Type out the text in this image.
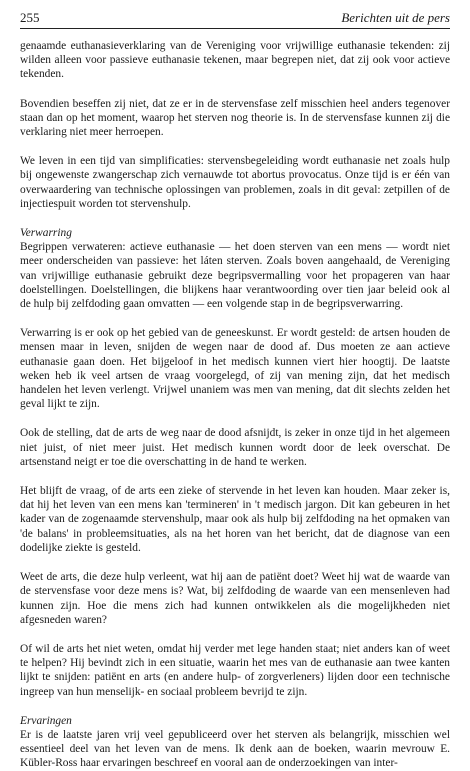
255	Berichten uit de pers

genaamde euthanasieverklaring van de Vereniging voor vrijwillige euthanasie tekenden: zij wilden alleen voor passieve euthanasie tekenen, maar begrepen niet, dat zij ook voor actieve tekenden.

Bovendien beseffen zij niet, dat ze er in de stervensfase zelf misschien heel anders tegenover staan dan op het moment, waarop het sterven nog theorie is. In de stervensfase kunnen zij die verklaring niet meer herroepen.

We leven in een tijd van simplificaties: stervensbegeleiding wordt euthanasie net zoals hulp bij ongewenste zwangerschap zich vernauwde tot abortus provocatus. Onze tijd is er één van overwaardering van technische oplossingen van problemen, zoals in dit geval: zetpillen of de injectiespuit worden tot stervenshulp.

Verwarring

Begrippen verwateren: actieve euthanasie — het doen sterven van een mens — wordt niet meer onderscheiden van passieve: het láten sterven. Zoals boven aangehaald, de Vereniging van vrijwillige euthanasie gebruikt deze begripsvermalling voor het propageren van haar doelstellingen. Doelstellingen, die blijkens haar verantwoording over tien jaar beleid ook al de hulp bij zelfdoding gaan omvatten — een volgende stap in de begripsverwarring.

Verwarring is er ook op het gebied van de geneeskunst. Er wordt gesteld: de artsen houden de mensen maar in leven, snijden de wegen naar de dood af. Dus moeten ze aan actieve euthanasie gaan doen. Het bijgeloof in het medisch kunnen viert hier hoogtij. De laatste weken heb ik veel artsen de vraag voorgelegd, of zij van mening zijn, dat het medisch handelen het leven verlengt. Vrijwel unaniem was men van mening, dat dit slechts zelden het geval lijkt te zijn.

Ook de stelling, dat de arts de weg naar de dood afsnijdt, is zeker in onze tijd in het algemeen niet juist, of niet meer juist. Het medisch kunnen wordt door de leek overschat. De artsenstand neigt er toe die overschatting in de hand te werken.

Het blijft de vraag, of de arts een zieke of stervende in het leven kan houden. Maar zeker is, dat hij het leven van een mens kan 'termineren' in 't medisch jargon. Dit kan gebeuren in het kader van de zogenaamde stervenshulp, maar ook als hulp bij zelfdoding na het opmaken van 'de balans' in probleemsituaties, als na het horen van het bericht, dat de diagnose van een dodelijke ziekte is gesteld.

Weet de arts, die deze hulp verleent, wat hij aan de patiënt doet? Weet hij wat de waarde van de stervensfase voor deze mens is? Wat, bij zelfdoding de waarde van een mensenleven had kunnen zijn. Hoe die mens zich had kunnen ontwikkelen als die mogelijkheden niet afgesneden waren?

Of wil de arts het niet weten, omdat hij verder met lege handen staat; niet anders kan of weet te helpen? Hij bevindt zich in een situatie, waarin het mes van de euthanasie aan twee kanten lijkt te snijden: patiënt en arts (en andere hulp- of zorgverleners) lijden door een technische ingreep van hun menselijk- en sociaal probleem bevrijd te zijn.

Ervaringen

Er is de laatste jaren vrij veel gepubliceerd over het sterven als belangrijk, misschien wel essentieel deel van het leven van de mens. Ik denk aan de boeken, waarin mevrouw E. Kübler-Ross haar ervaringen beschreef en vooral aan de onderzoekingen van inter-
